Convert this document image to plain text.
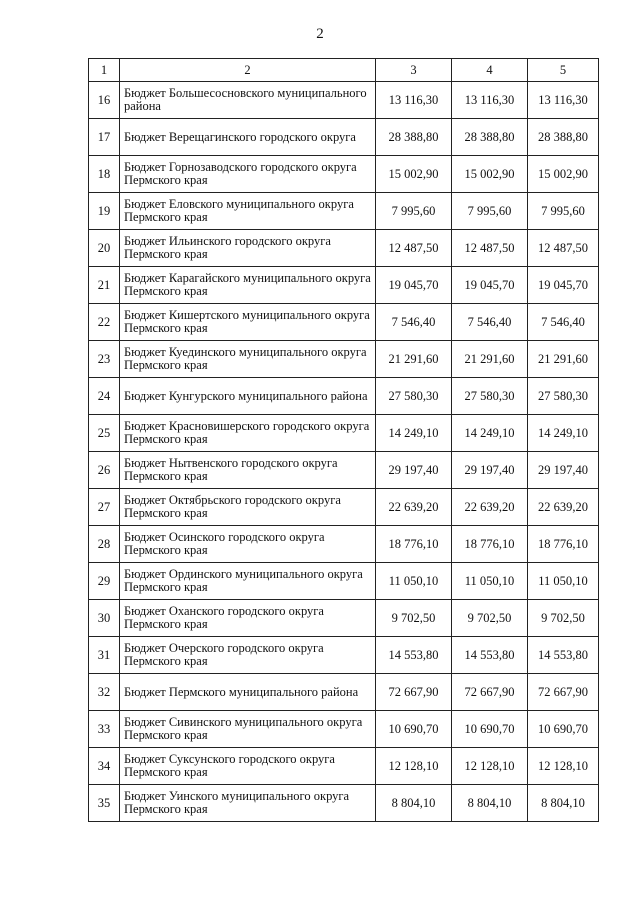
2
1	2	3	4	5
16	Бюджет Большесосновского муниципального района	13 116,30	13 116,30	13 116,30
17	Бюджет Верещагинского городского округа	28 388,80	28 388,80	28 388,80
18	Бюджет Горнозаводского городского округа Пермского края	15 002,90	15 002,90	15 002,90
19	Бюджет Еловского муниципального округа Пермского края	7 995,60	7 995,60	7 995,60
20	Бюджет Ильинского городского округа Пермского края	12 487,50	12 487,50	12 487,50
21	Бюджет Карагайского муниципального округа Пермского края	19 045,70	19 045,70	19 045,70
22	Бюджет Кишертского муниципального округа Пермского края	7 546,40	7 546,40	7 546,40
23	Бюджет Куединского муниципального округа Пермского края	21 291,60	21 291,60	21 291,60
24	Бюджет Кунгурского муниципального района	27 580,30	27 580,30	27 580,30
25	Бюджет Красновишерского городского округа Пермского края	14 249,10	14 249,10	14 249,10
26	Бюджет Нытвенского городского округа Пермского края	29 197,40	29 197,40	29 197,40
27	Бюджет Октябрьского городского округа Пермского края	22 639,20	22 639,20	22 639,20
28	Бюджет Осинского городского округа Пермского края	18 776,10	18 776,10	18 776,10
29	Бюджет Ординского муниципального округа Пермского края	11 050,10	11 050,10	11 050,10
30	Бюджет Оханского городского округа Пермского края	9 702,50	9 702,50	9 702,50
31	Бюджет Очерского городского округа Пермского края	14 553,80	14 553,80	14 553,80
32	Бюджет Пермского муниципального района	72 667,90	72 667,90	72 667,90
33	Бюджет Сивинского муниципального округа Пермского края	10 690,70	10 690,70	10 690,70
34	Бюджет Суксунского городского округа Пермского края	12 128,10	12 128,10	12 128,10
35	Бюджет Уинского муниципального округа Пермского края	8 804,10	8 804,10	8 804,10
